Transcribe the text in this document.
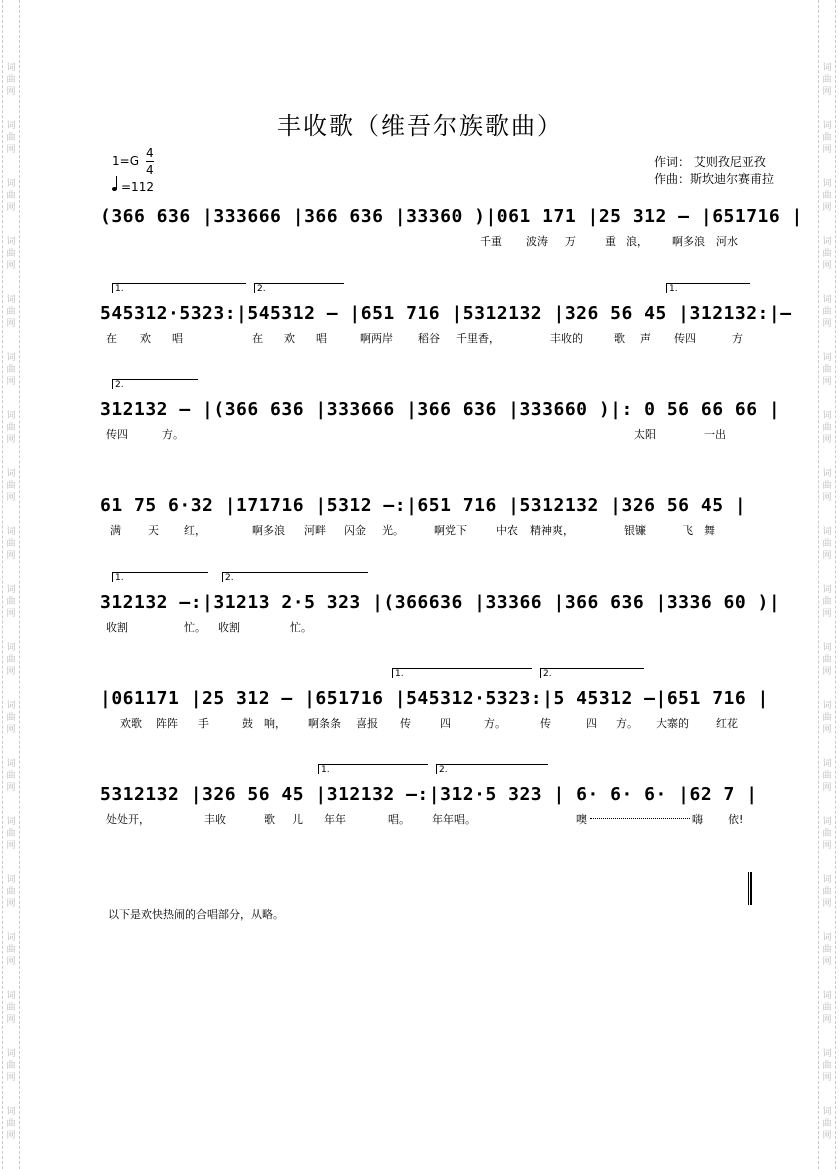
词
曲
网
词
曲
网
词
曲
网
词
曲
网
词
曲
网
词
曲
网
词
曲
网
词
曲
网
词
曲
网
词
曲
网
词
曲
网
词
曲
网
词
曲
网
词
曲
网
词
曲
网
词
曲
网
词
曲
网
词
曲
网
词
曲
网
词
曲
网
词
曲
网
词
曲
网
词
曲
网
词
曲
网
词
曲
网
词
曲
网
词
曲
网
词
曲
网
词
曲
网
词
曲
网
词
曲
网
词
曲
网
词
曲
网
词
曲
网
词
曲
网
词
曲
网
词
曲
网
词
曲
网
丰收歌（维吾尔族歌曲）
$1=G \frac{4}{4}$
=112
作词： 艾则孜尼亚孜
作曲：斯坎迪尔赛甫拉
(366 636 |333666 |366 636 |33360 )|061 171 |25 312 — |651716 |
千重 波涛 万	重 浪， 啊多浪 河水
1.	2.	1.
545312·5323:|545312 — |651 716 |5312132 |326 56 45 |312132:|—
在 欢 唱	在 欢 唱	啊两岸 稻谷 千里香，	丰收的	歌 声 传四	方
2.
312132 — |(366 636 |333666 |366 636 |333660 )|: 0 56 66 66 |
传四	方。	太阳	一出
61 75 6·32 |171716 |5312 —:|651 716 |5312132 |326 56 45 |
满 天 红，	啊多浪 河畔 闪金 光。	啊党下	中农 精神爽，	银镰	飞 舞
1.	2.
312132 —:|31213 2·5 323 |(366636 |33366 |366 636 |3336 60 )|
收割	忙。 收割	忙。
1.	2.
|061171 |25 312 — |651716 |545312·5323:|5 45312 —|651 716 |
欢歌 阵阵 手	鼓 响， 啊条条 喜报 传	四	方。	传	四 方。 大寨的 红花
1.	2.
5312132 |326 56 45 |312132 —:|312·5 323 | 6· 6· 6· |62 7 |
处处开，	丰收	歌 儿 年年	唱。 年年唱。	噢	嗨 依!
以下是欢快热闹的合唱部分，从略。
